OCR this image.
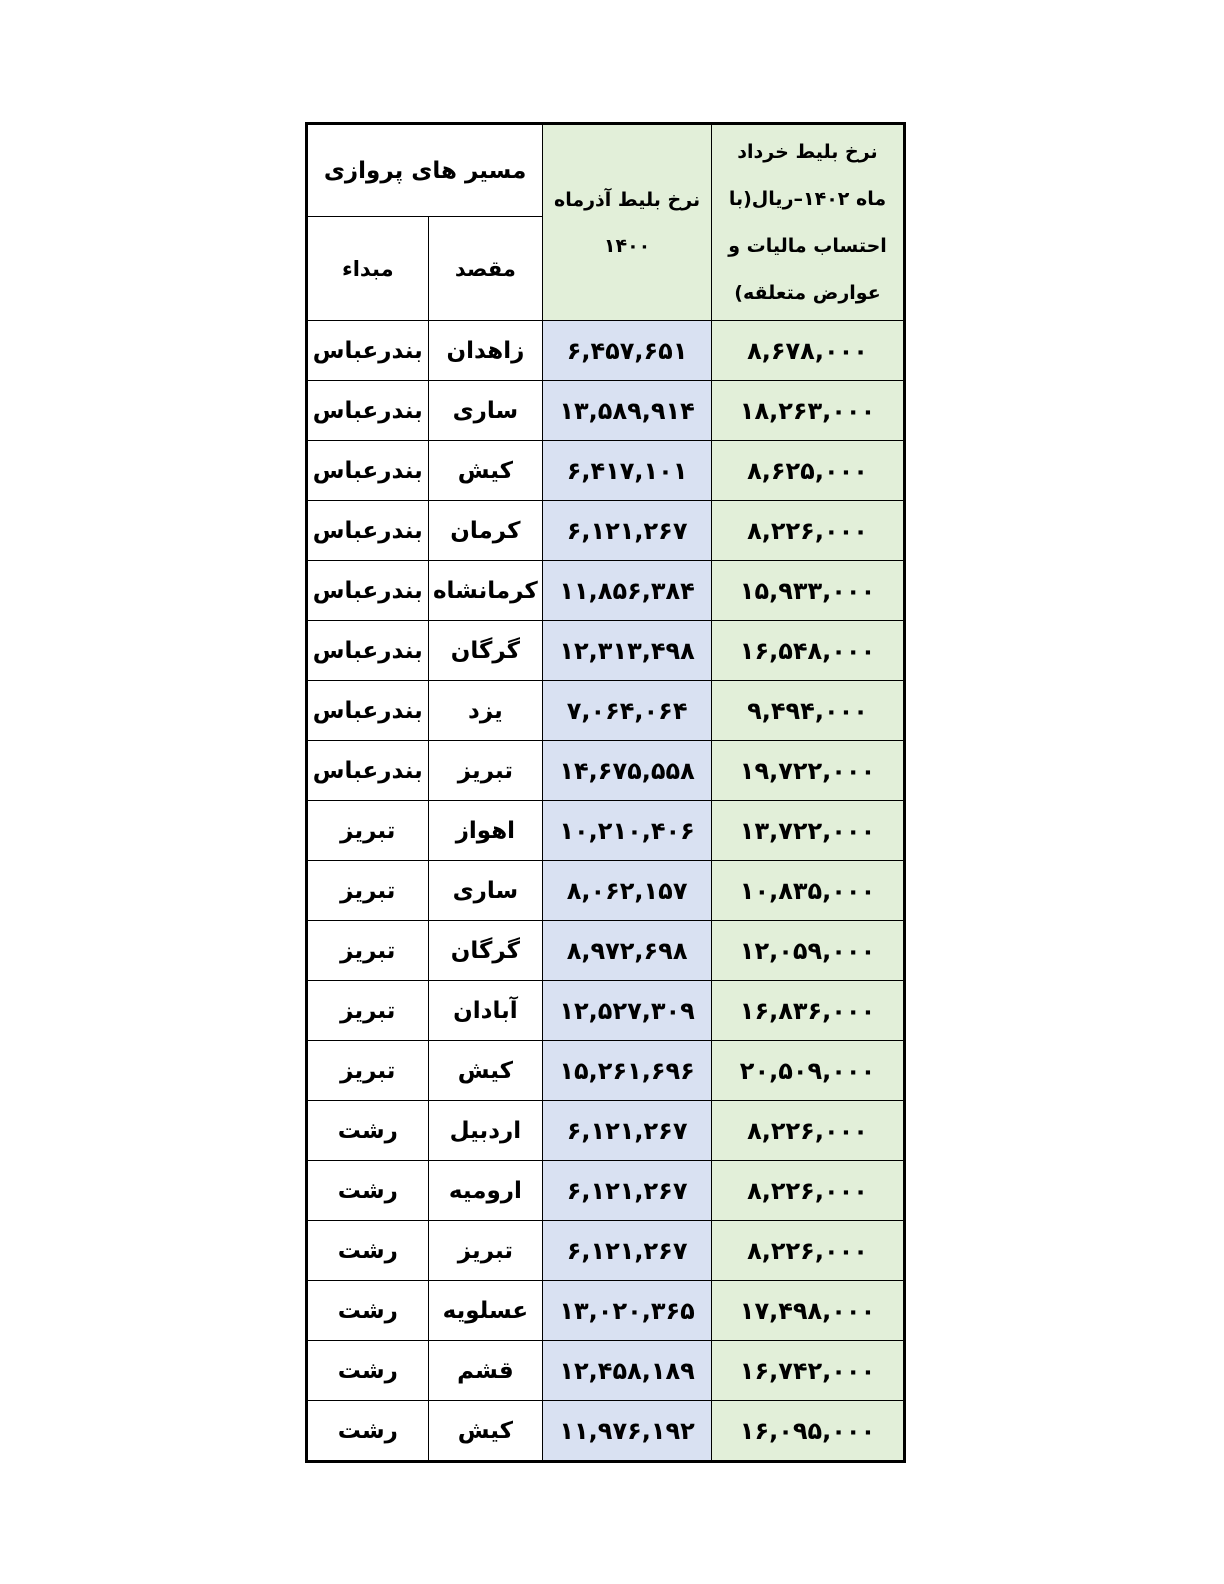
مسیر های پروازی		نرخ بلیط آذرماه ۱۴۰۰	نرخ بلیط خرداد ماه ۱۴۰۲–ریال(با احتساب مالیات و عوارض متعلقه)
مبداء	مقصد		
بندرعباس	زاهدان	۶,۴۵۷,۶۵۱	۸,۶۷۸,۰۰۰
بندرعباس	ساری	۱۳,۵۸۹,۹۱۴	۱۸,۲۶۳,۰۰۰
بندرعباس	کیش	۶,۴۱۷,۱۰۱	۸,۶۲۵,۰۰۰
بندرعباس	کرمان	۶,۱۲۱,۲۶۷	۸,۲۲۶,۰۰۰
بندرعباس	کرمانشاه	۱۱,۸۵۶,۳۸۴	۱۵,۹۳۳,۰۰۰
بندرعباس	گرگان	۱۲,۳۱۳,۴۹۸	۱۶,۵۴۸,۰۰۰
بندرعباس	یزد	۷,۰۶۴,۰۶۴	۹,۴۹۴,۰۰۰
بندرعباس	تبریز	۱۴,۶۷۵,۵۵۸	۱۹,۷۲۲,۰۰۰
تبریز	اهواز	۱۰,۲۱۰,۴۰۶	۱۳,۷۲۲,۰۰۰
تبریز	ساری	۸,۰۶۲,۱۵۷	۱۰,۸۳۵,۰۰۰
تبریز	گرگان	۸,۹۷۲,۶۹۸	۱۲,۰۵۹,۰۰۰
تبریز	آبادان	۱۲,۵۲۷,۳۰۹	۱۶,۸۳۶,۰۰۰
تبریز	کیش	۱۵,۲۶۱,۶۹۶	۲۰,۵۰۹,۰۰۰
رشت	اردبیل	۶,۱۲۱,۲۶۷	۸,۲۲۶,۰۰۰
رشت	ارومیه	۶,۱۲۱,۲۶۷	۸,۲۲۶,۰۰۰
رشت	تبریز	۶,۱۲۱,۲۶۷	۸,۲۲۶,۰۰۰
رشت	عسلویه	۱۳,۰۲۰,۳۶۵	۱۷,۴۹۸,۰۰۰
رشت	قشم	۱۲,۴۵۸,۱۸۹	۱۶,۷۴۲,۰۰۰
رشت	کیش	۱۱,۹۷۶,۱۹۲	۱۶,۰۹۵,۰۰۰
